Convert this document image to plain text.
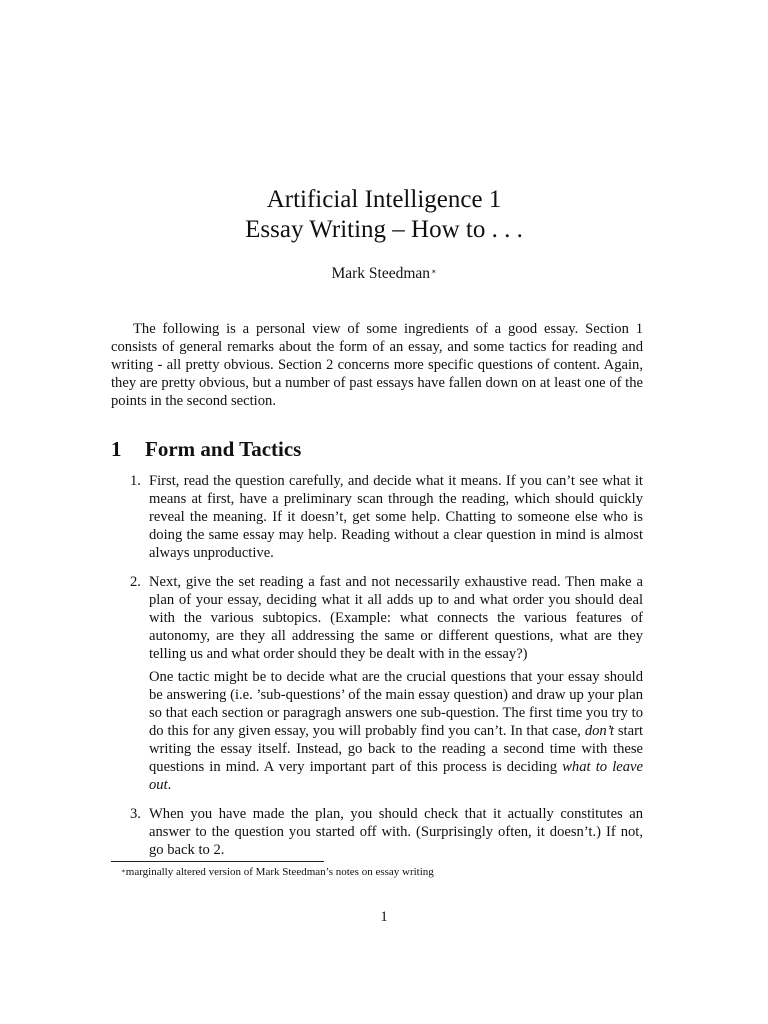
Artificial Intelligence 1
Essay Writing – How to . . .
Mark Steedman∗

The following is a personal view of some ingredients of a good essay. Section 1 consists of general remarks about the form of an essay, and some tactics for reading and writing - all pretty obvious. Section 2 concerns more specific questions of content. Again, they are pretty obvious, but a number of past essays have fallen down on at least one of the points in the second section.

1 Form and Tactics
1. First, read the question carefully, and decide what it means. If you can’t see what it means at first, have a preliminary scan through the reading, which should quickly reveal the meaning. If it doesn’t, get some help. Chatting to someone else who is doing the same essay may help. Reading without a clear question in mind is almost always unproductive.

2. Next, give the set reading a fast and not necessarily exhaustive read. Then make a plan of your essay, deciding what it all adds up to and what order you should deal with the various subtopics. (Example: what connects the various features of autonomy, are they all addressing the same or different questions, what are they telling us and what order should they be dealt with in the essay?)

One tactic might be to decide what are the crucial questions that your essay should be answering (i.e. ’sub-questions’ of the main essay question) and draw up your plan so that each section or paragragh answers one sub-question. The first time you try to do this for any given essay, you will probably find you can’t. In that case, don’t start writing the essay itself. Instead, go back to the reading a second time with these questions in mind. A very important part of this process is deciding what to leave out.

3. When you have made the plan, you should check that it actually constitutes an answer to the question you started off with. (Surprisingly often, it doesn’t.) If not, go back to 2.

∗marginally altered version of Mark Steedman’s notes on essay writing

1
